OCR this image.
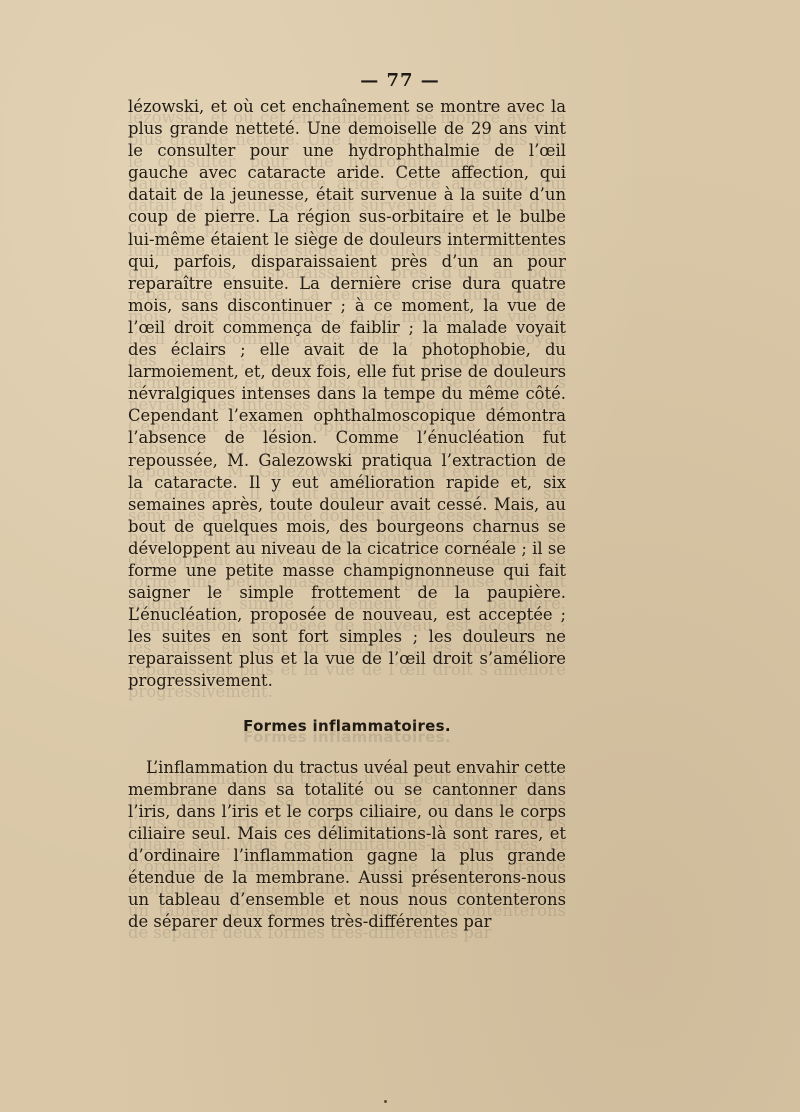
— 77 —

lézowski, et où cet enchaînement se montre avec la plus grande netteté. Une demoiselle de 29 ans vint le consulter pour une hydrophthalmie de l’œil gauche avec cataracte aride. Cette affection, qui datait de la jeunesse, était survenue à la suite d’un coup de pierre. La région sus-orbitaire et le bulbe lui-même étaient le siège de douleurs intermittentes qui, parfois, disparaissaient près d’un an pour reparaître ensuite. La dernière crise dura quatre mois, sans discontinuer ; à ce moment, la vue de l’œil droit commença de faiblir ; la malade voyait des éclairs ; elle avait de la photophobie, du larmoiement, et, deux fois, elle fut prise de douleurs névralgiques intenses dans la tempe du même côté. Cependant l’examen ophthalmoscopique démontra l’absence de lésion. Comme l’énucléation fut repoussée, M. Galezowski pratiqua l’extraction de la cataracte. Il y eut amélioration rapide et, six semaines après, toute douleur avait cessé. Mais, au bout de quelques mois, des bourgeons charnus se développent au niveau de la cicatrice cornéale ; il se forme une petite masse champignonneuse qui fait saigner le simple frottement de la paupière. L’énucléation, proposée de nouveau, est acceptée ; les suites en sont fort simples ; les douleurs ne reparaissent plus et la vue de l’œil droit s’améliore progressivement.

Formes inflammatoires.

L’inflammation du tractus uvéal peut envahir cette membrane dans sa totalité ou se cantonner dans l’iris, dans l’iris et le corps ciliaire, ou dans le corps ciliaire seul. Mais ces délimitations-là sont rares, et d’ordinaire l’inflammation gagne la plus grande étendue de la membrane. Aussi présenterons-nous un tableau d’ensemble et nous nous contenterons de séparer deux formes très-différentes par
